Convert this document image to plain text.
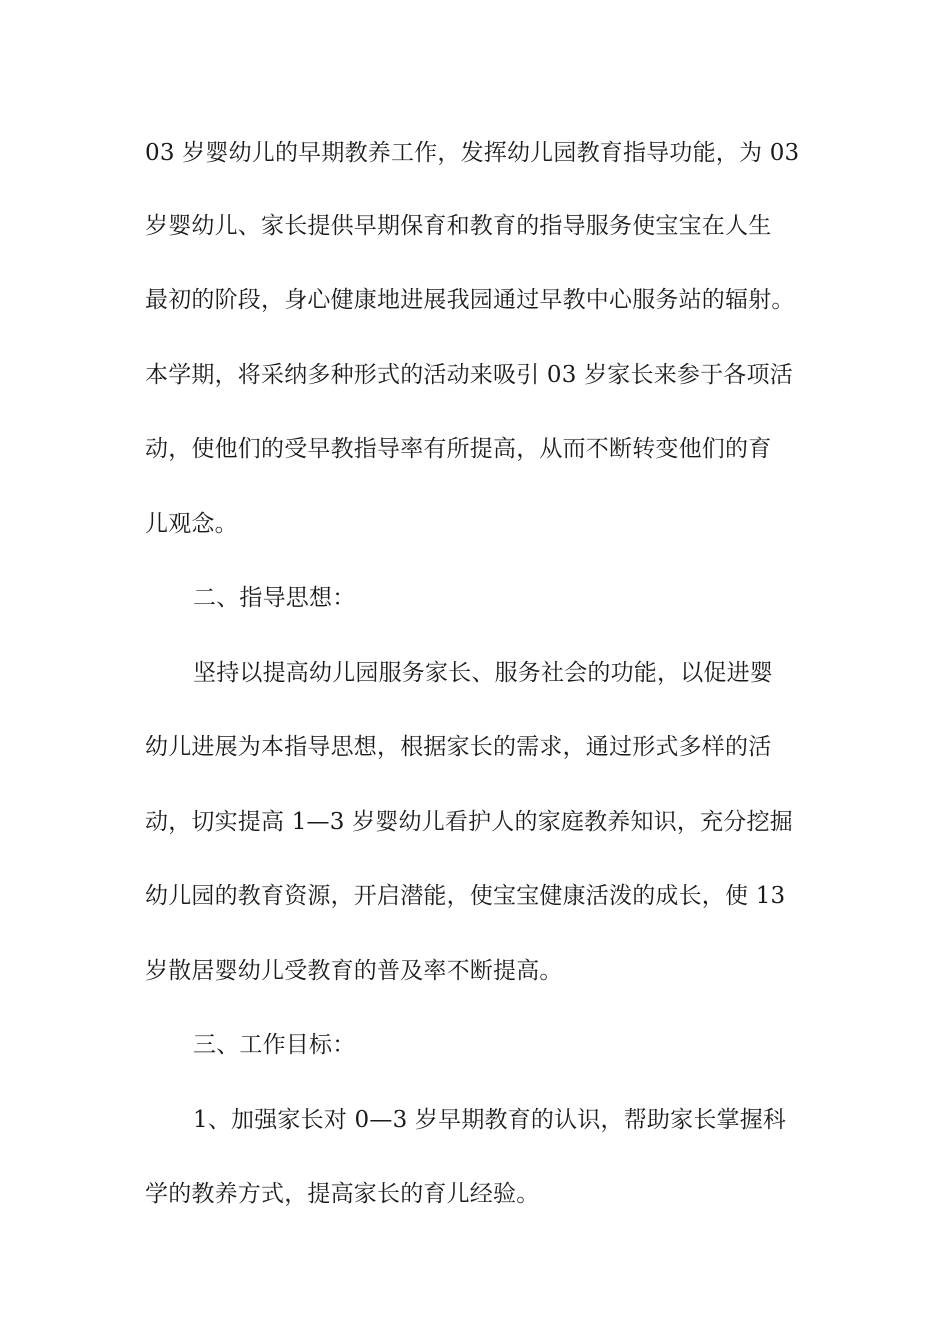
03 岁婴幼儿的早期教养工作，发挥幼儿园教育指导功能，为 03
岁婴幼儿、家长提供早期保育和教育的指导服务使宝宝在人生
最初的阶段，身心健康地进展我园通过早教中心服务站的辐射。
本学期，将采纳多种形式的活动来吸引 03 岁家长来参于各项活
动，使他们的受早教指导率有所提高，从而不断转变他们的育
儿观念。
二、指导思想：
坚持以提高幼儿园服务家长、服务社会的功能，以促进婴
幼儿进展为本指导思想，根据家长的需求，通过形式多样的活
动，切实提高 1—3 岁婴幼儿看护人的家庭教养知识，充分挖掘
幼儿园的教育资源，开启潜能，使宝宝健康活泼的成长，使 13
岁散居婴幼儿受教育的普及率不断提高。
三、工作目标：
1、加强家长对 0—3 岁早期教育的认识，帮助家长掌握科
学的教养方式，提高家长的育儿经验。
